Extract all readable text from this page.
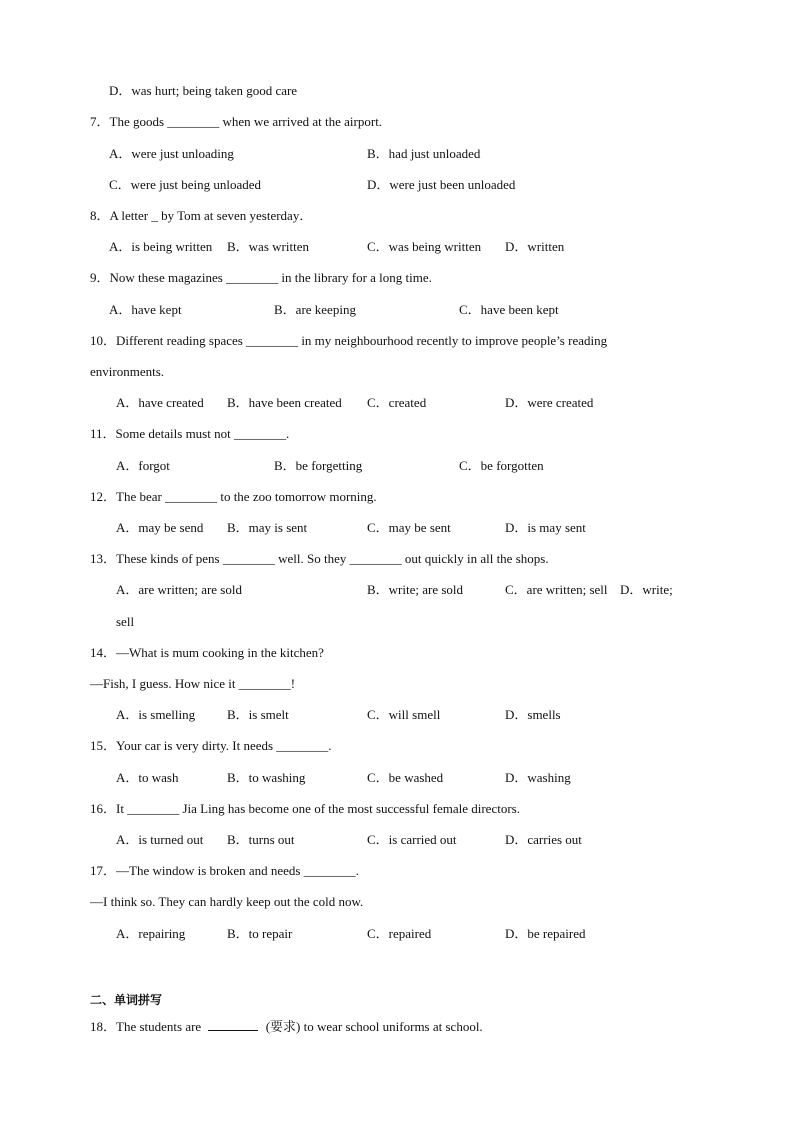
D．was hurt; being taken good care
7．The goods ________ when we arrived at the airport.
A．were just unloading	B．had just unloaded
C．were just being unloaded	D．were just been unloaded
8．A letter _ by Tom at seven yesterday．
A．is being written B．was written	C．was being written D．written
9．Now these magazines ________ in the library for a long time.
A．have kept	B．are keeping	C．have been kept
10．Different reading spaces ________ in my neighbourhood recently to improve people’s reading
environments.
A．have created B．have been created C．created	D．were created
11．Some details must not ________.
A．forgot	B．be forgetting	C．be forgotten
12．The bear ________ to the zoo tomorrow morning.
A．may be send B．may is sent	C．may be sent	D．is may sent
13．These kinds of pens ________ well. So they ________ out quickly in all the shops.
A．are written; are sold	B．write; are sold	C．are written; sell D．write;
sell
14．—What is mum cooking in the kitchen?
—Fish, I guess. How nice it ________!
A．is smelling B．is smelt	C．will smell	D．smells
15．Your car is very dirty. It needs ________.
A．to wash	B．to washing	C．be washed	D．washing
16．It ________ Jia Ling has become one of the most successful female directors.
A．is turned out B．turns out	C．is carried out	D．carries out
17．—The window is broken and needs ________.
—I think so. They can hardly keep out the cold now.
A．repairing	B．to repair	C．repaired	D．be repaired
二、单词拼写
18．The students are	(要求) to wear school uniforms at school.
